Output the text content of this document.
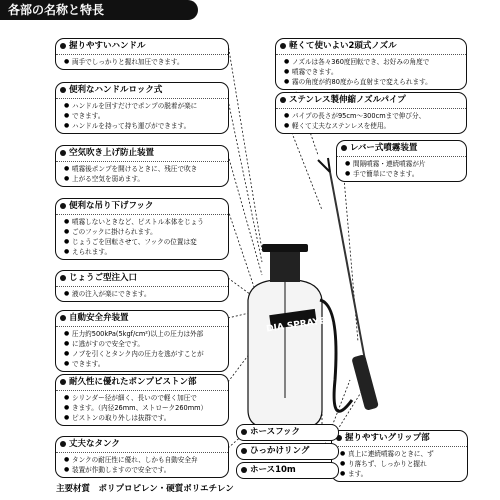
各部の名称と特長
DIA SPRAYER
握りやすいハンドル
● 両手でしっかりと握れ加圧できます。
便利なハンドルロック式
● ハンドルを回すだけでポンプの脱着が楽に
● できます。
● ハンドルを持って持ち運びができます。
空気吹き上げ防止装置
● 噴霧後ポンプを開けるときに、残圧で吹き
● 上がる空気を弱めます。
便利な吊り下げフック
● 噴霧しないときなど、ピストル本体をじょう
● ごのフックに掛けられます。
● じょうごを回転させて、フックの位置は変
● えられます。
じょうご型注入口
● 液の注入が楽にできます。
自動安全弁装置
● 圧力約500kPa(5kgf/cm²)以上の圧力は外部
● に逃がすので安全です。
● ノブを引くとタンク内の圧力を逃がすことが
● できます。
耐久性に優れたポンプピストン部
● シリンダー径が細く、長いので軽く加圧で
● きます。（内径26mm、ストローク260mm）
● ピストンの取り外しは抜群です。
丈夫なタンク
● タンクの耐圧性に優れ、しかも自動安全弁
● 装置が作動しますので安全です。
軽くて使いよい2頭式ノズル
● ノズルは各々360度回転でき、お好みの角度で
● 噴霧できます。
● 霧の角度が約80度から直射まで変えられます。
ステンレス製伸縮ノズルパイプ
● パイプの長さが95cm〜300cmまで伸び分、
● 軽くて丈夫なステンレスを使用。
レバー式噴霧装置
● 間隔噴霧・連続噴霧が片
● 手で簡単にできます。
握りやすいグリップ部
● 真上に連続噴霧のときに、ず
● り落ちず、しっかりと握れ
● ます。
ホースフック
ひっかけリング
ホース10m
主要材質　ポリプロピレン・硬質ポリエチレン
